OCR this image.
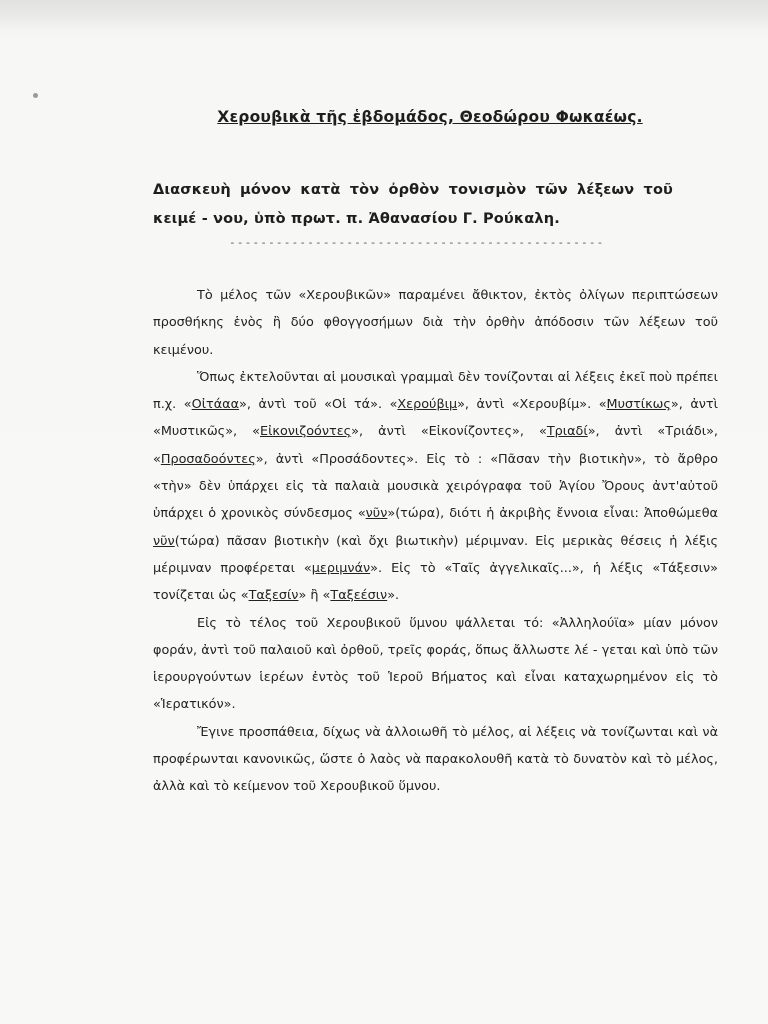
Χερουβικὰ τῆς ἑβδομάδος, Θεοδώρου Φωκαέως.
Διασκευὴ μόνον κατὰ τὸν ὀρθὸν τονισμὸν τῶν λέξεων τοῦ κειμέ - νου, ὑπὸ πρωτ. π. Ἀθανασίου Γ. Ρούκαλη.
------------------------------------------------

Τὸ μέλος τῶν «Χερουβικῶν» παραμένει ἄθικτον, ἐκτὸς ὀλίγων περιπτώσεων προσθήκης ἑνὸς ἢ δύο φθογγοσήμων διὰ τὴν ὀρθὴν ἀπόδοσιν τῶν λέξεων τοῦ κειμένου.

Ὅπως ἐκτελοῦνται αἱ μουσικαὶ γραμμαὶ δὲν τονίζονται αἱ λέξεις ἐκεῖ ποὺ πρέπει π.χ. «Οἰτάαα», ἀντὶ τοῦ «Οἱ τά». «Χερούβιμ», ἀντὶ «Χερουβίμ». «Μυστίκως», ἀντὶ «Μυστικῶς», «Εἰκονιζοόντες», ἀντὶ «Εἰκονίζοντες», «Τριαδί», ἀντὶ «Τριάδι», «Προσαδοόντες», ἀντὶ «Προσάδοντες». Εἰς τὸ : «Πᾶσαν τὴν βιοτικὴν», τὸ ἄρθρο «τὴν» δὲν ὑπάρχει εἰς τὰ παλαιὰ μουσικὰ χειρόγραφα τοῦ Ἁγίου Ὄρους ἀντ'αὐτοῦ ὑπάρχει ὁ χρονικὸς σύνδεσμος «νῦν»(τώρα), διότι ἡ ἀκριβὴς ἔννοια εἶναι: Ἀποθώμεθα νῦν(τώρα) πᾶσαν βιοτικὴν (καὶ ὄχι βιωτικὴν) μέριμναν. Εἰς μερικὰς θέσεις ἡ λέξις μέριμναν προφέρεται «μεριμνάν». Εἰς τὸ «Ταῖς ἀγγελικαῖς...», ἡ λέξις «Τάξεσιν» τονίζεται ὡς «Ταξεσίν» ἢ «Ταξεέσιν».

Εἰς τὸ τέλος τοῦ Χερουβικοῦ ὕμνου ψάλλεται τό: «Ἀλληλούϊα» μίαν μόνον φοράν, ἀντὶ τοῦ παλαιοῦ καὶ ὀρθοῦ, τρεῖς φοράς, ὅπως ἄλλωστε λέ - γεται καὶ ὑπὸ τῶν ἱερουργούντων ἱερέων ἐντὸς τοῦ Ἱεροῦ Βήματος καὶ εἶναι καταχωρημένον εἰς τὸ «Ἱερατικόν».

Ἔγινε προσπάθεια, δίχως νὰ ἀλλοιωθῆ τὸ μέλος, αἱ λέξεις νὰ τονίζωνται καὶ νὰ προφέρωνται κανονικῶς, ὥστε ὁ λαὸς νὰ παρακολουθῆ κατὰ τὸ δυνατὸν καὶ τὸ μέλος, ἀλλὰ καὶ τὸ κείμενον τοῦ Χερουβικοῦ ὕμνου.
